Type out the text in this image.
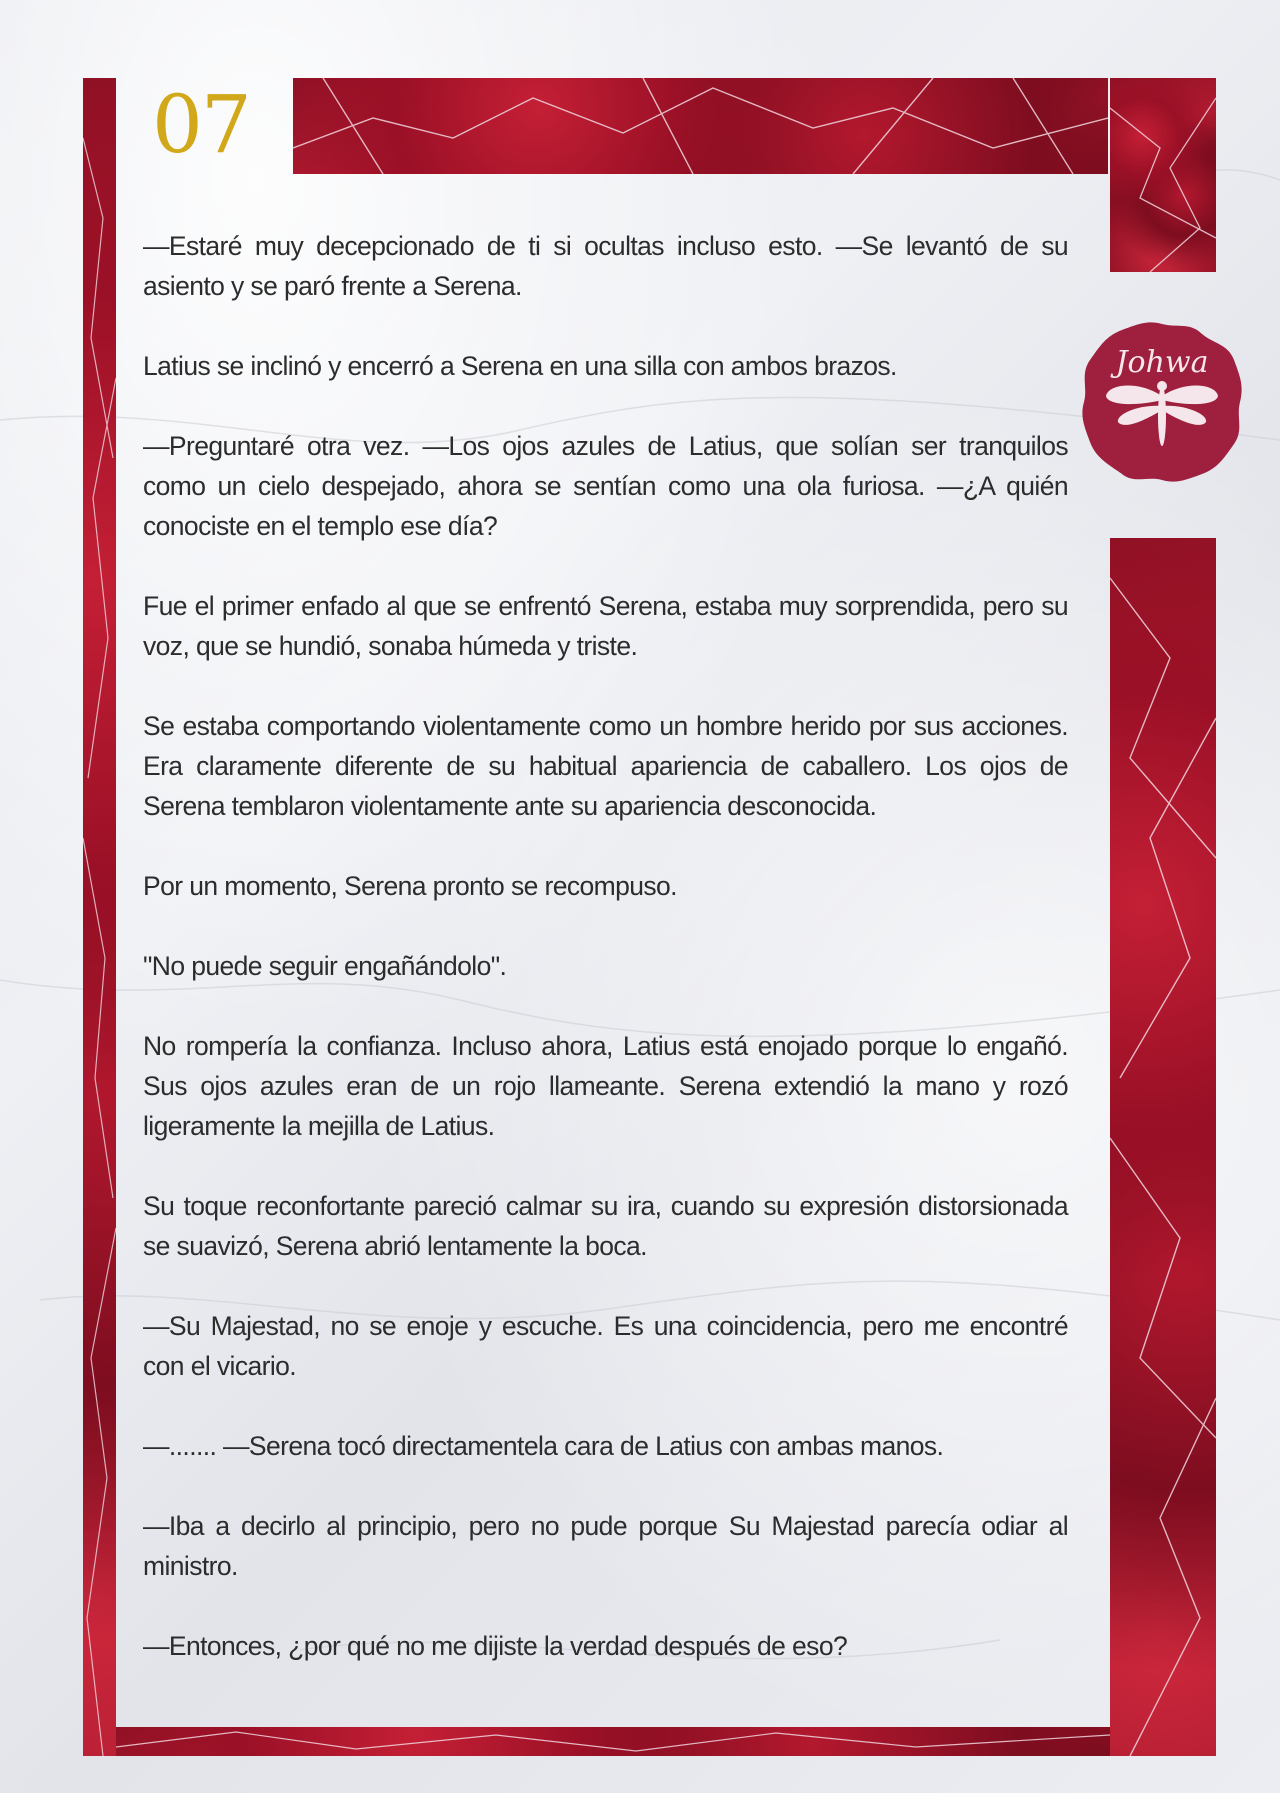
07
Johwa

—Estaré muy decepcionado de ti si ocultas incluso esto. —Se levantó de su asiento y se paró frente a Serena.

Latius se inclinó y encerró a Serena en una silla con ambos brazos.

—Preguntaré otra vez. —Los ojos azules de Latius, que solían ser tranquilos como un cielo despejado, ahora se sentían como una ola furiosa. —¿A quién conociste en el templo ese día?

Fue el primer enfado al que se enfrentó Serena, estaba muy sorprendida, pero su voz, que se hundió, sonaba húmeda y triste.

Se estaba comportando violentamente como un hombre herido por sus acciones. Era claramente diferente de su habitual apariencia de caballero. Los ojos de Serena temblaron violentamente ante su apariencia desconocida.

Por un momento, Serena pronto se recompuso.

"No puede seguir engañándolo".

No rompería la confianza. Incluso ahora, Latius está enojado porque lo engañó. Sus ojos azules eran de un rojo llameante. Serena extendió la mano y rozó ligeramente la mejilla de Latius.

Su toque reconfortante pareció calmar su ira, cuando su expresión distorsionada se suavizó, Serena abrió lentamente la boca.

—Su Majestad, no se enoje y escuche. Es una coincidencia, pero me encontré con el vicario.

—....... —Serena tocó directamentela cara de Latius con ambas manos.

—Iba a decirlo al principio, pero no pude porque Su Majestad parecía odiar al ministro.

—Entonces, ¿por qué no me dijiste la verdad después de eso?
